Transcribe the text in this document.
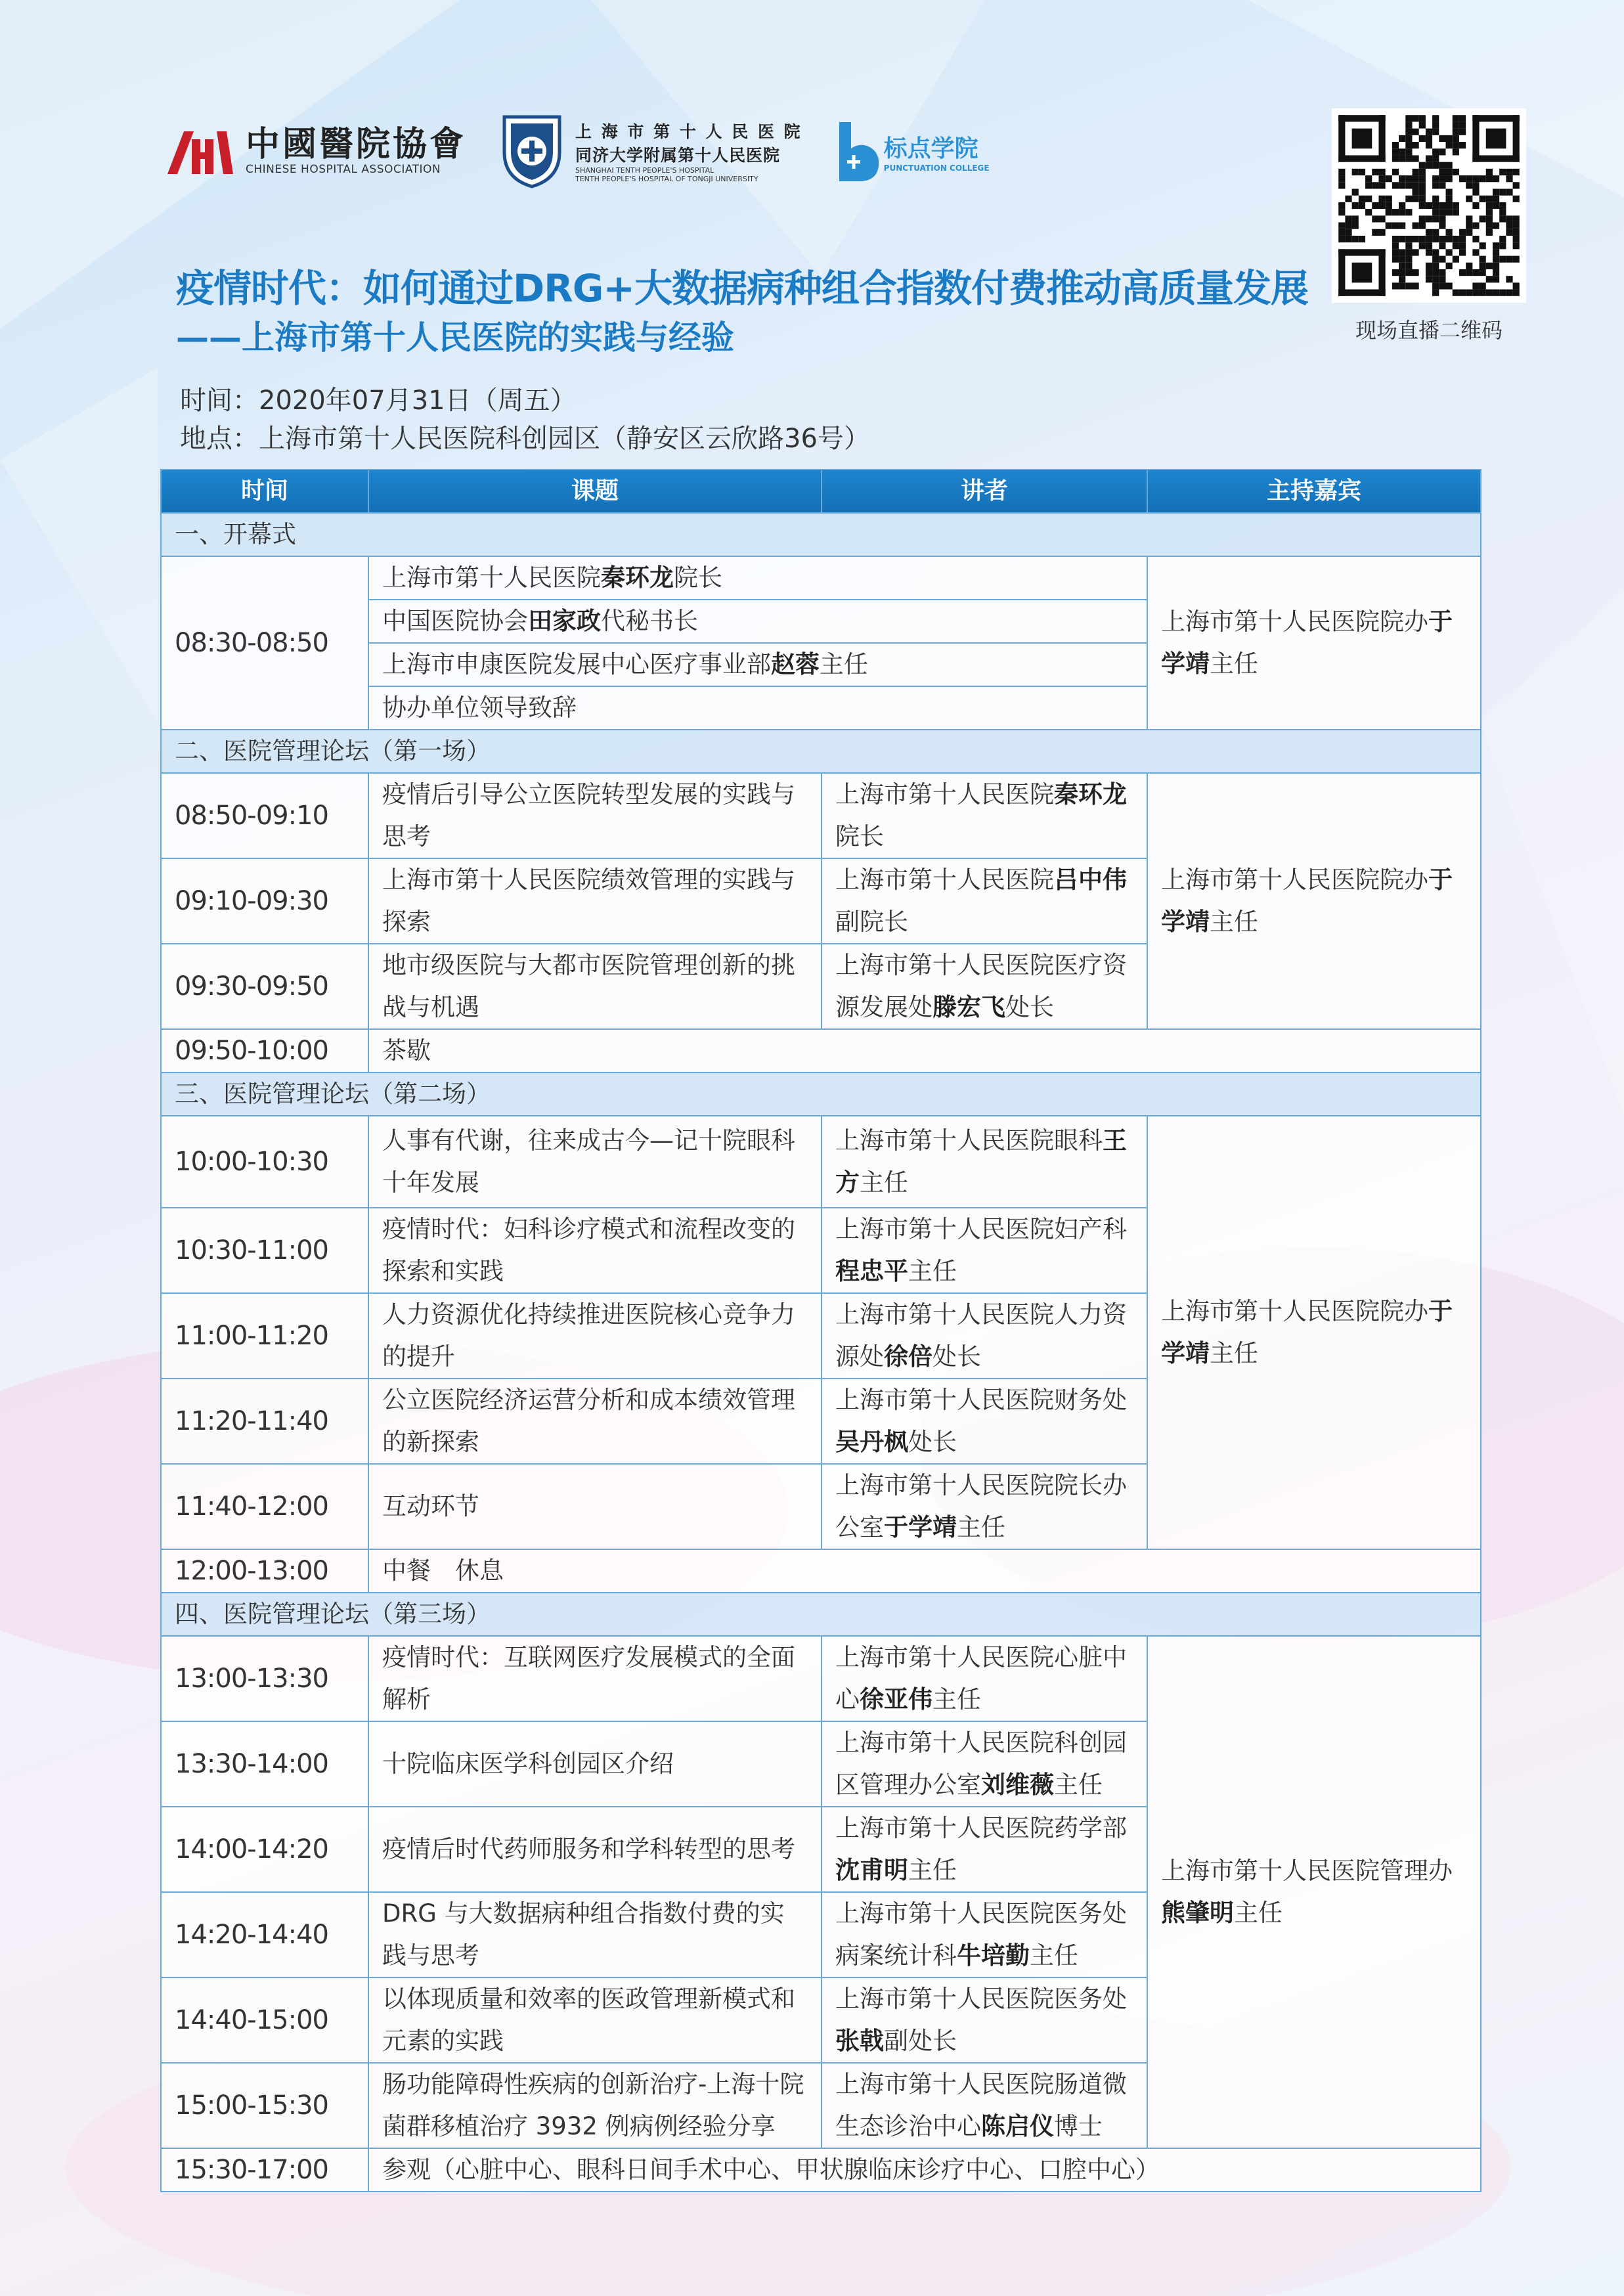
中國醫院協會
CHINESE HOSPITAL ASSOCIATION
上 海 市 第 十 人 民 医 院
同济大学附属第十人民医院
SHANGHAI TENTH PEOPLE'S HOSPITAL
TENTH PEOPLE'S HOSPITAL OF TONGJI UNIVERSITY
标点学院
PUNCTUATION COLLEGE
现场直播二维码
疫情时代：如何通过DRG+大数据病种组合指数付费推动高质量发展
——上海市第十人民医院的实践与经验
时间：2020年07月31日（周五）
地点：上海市第十人民医院科创园区（静安区云欣路36号）
时间	课题	讲者	主持嘉宾
一、开幕式			
08:30-08:50	上海市第十人民医院秦环龙院长		上海市第十人民医院院办于学靖主任
	中国医院协会田家政代秘书长		
	上海市申康医院发展中心医疗事业部赵蓉主任		
	协办单位领导致辞		
二、医院管理论坛（第一场）			
08:50-09:10	疫情后引导公立医院转型发展的实践与思考	上海市第十人民医院秦环龙院长	上海市第十人民医院院办于学靖主任
09:10-09:30	上海市第十人民医院绩效管理的实践与探索	上海市第十人民医院吕中伟副院长	
09:30-09:50	地市级医院与大都市医院管理创新的挑战与机遇	上海市第十人民医院医疗资源发展处滕宏飞处长	
09:50-10:00	茶歇		
三、医院管理论坛（第二场）			
10:00-10:30	人事有代谢，往来成古今—记十院眼科十年发展	上海市第十人民医院眼科王方主任	上海市第十人民医院院办于学靖主任
10:30-11:00	疫情时代：妇科诊疗模式和流程改变的探索和实践	上海市第十人民医院妇产科程忠平主任	
11:00-11:20	人力资源优化持续推进医院核心竞争力的提升	上海市第十人民医院人力资源处徐倍处长	
11:20-11:40	公立医院经济运营分析和成本绩效管理的新探索	上海市第十人民医院财务处吴丹枫处长	
11:40-12:00	互动环节	上海市第十人民医院院长办公室于学靖主任	
12:00-13:00	中餐　休息		
四、医院管理论坛（第三场）			
13:00-13:30	疫情时代：互联网医疗发展模式的全面解析	上海市第十人民医院心脏中心徐亚伟主任	上海市第十人民医院管理办熊肇明主任
13:30-14:00	十院临床医学科创园区介绍	上海市第十人民医院科创园区管理办公室刘维薇主任	
14:00-14:20	疫情后时代药师服务和学科转型的思考	上海市第十人民医院药学部沈甫明主任	
14:20-14:40	DRG 与大数据病种组合指数付费的实践与思考	上海市第十人民医院医务处病案统计科牛培勤主任	
14:40-15:00	以体现质量和效率的医政管理新模式和元素的实践	上海市第十人民医院医务处张戟副处长	
15:00-15:30	肠功能障碍性疾病的创新治疗-上海十院菌群移植治疗 3932 例病例经验分享	上海市第十人民医院肠道微生态诊治中心陈启仪博士	
15:30-17:00	参观（心脏中心、眼科日间手术中心、甲状腺临床诊疗中心、口腔中心）		
